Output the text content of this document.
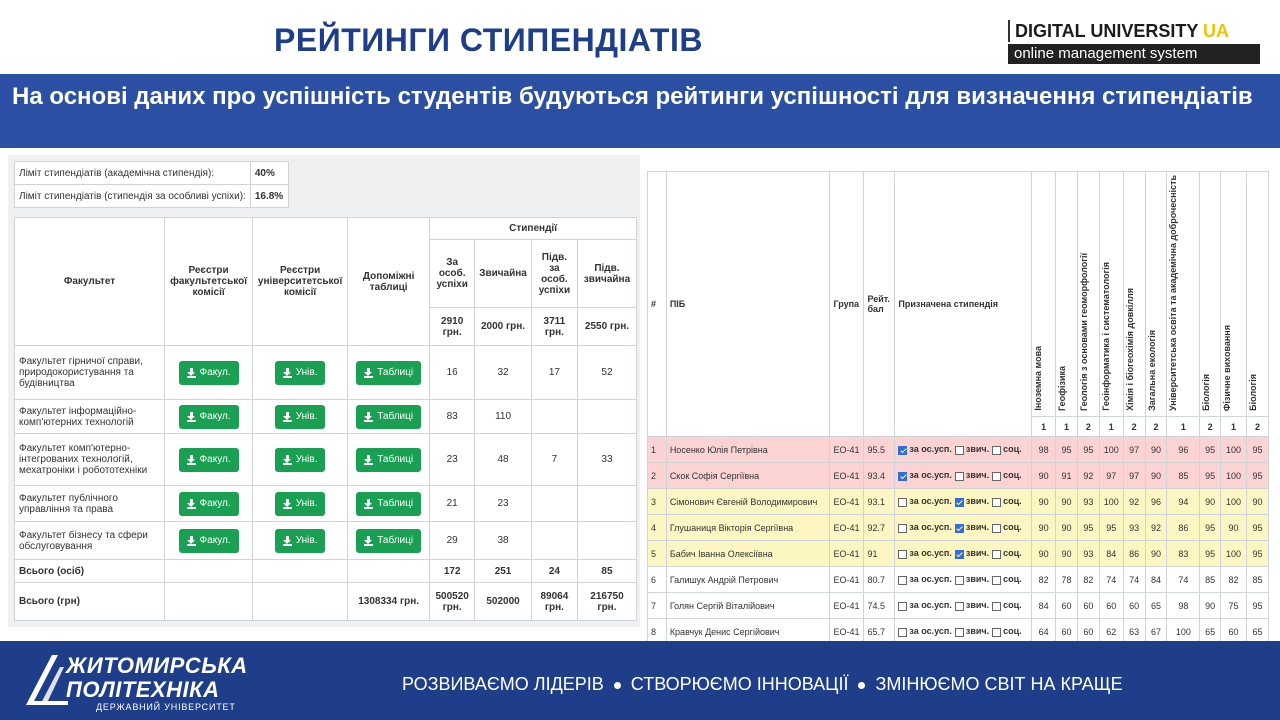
РЕЙТИНГИ СТИПЕНДІАТІВ	DIGITAL UNIVERSITY UA
online management system
На основі даних про успішність студентів будуються рейтинги успішності для визначення стипендіатів
Ліміт стипендіатів (академічна стипендія):	40%
Ліміт стипендіатів (стипендія за особливі успіхи):	16.8%
Факультет	Реєстри факультетської комісії	Реєстри університетської комісії	Допоміжні таблиці	Стипендії			
				За особ. успіхи	Звичайна	Підв. за особ. успіхи	Підв. звичайна
				2910 грн.	2000 грн.	3711 грн.	2550 грн.
Факультет гірничої справи, природокористування та будівництва	Факул.	Унів.	Таблиці	16	32	17	52
Факультет інформаційно-комп'ютерних технологій	Факул.	Унів.	Таблиці	83	110		
Факультет комп'ютерно-інтегрованих технологій, мехатроніки і робототехніки	Факул.	Унів.	Таблиці	23	48	7	33
Факультет публічного управління та права	Факул.	Унів.	Таблиці	21	23		
Факультет бізнесу та сфери обслуговування	Факул.	Унів.	Таблиці	29	38		
Всього (осіб)				172	251	24	85
Всього (грн)			1308334 грн.	500520 грн.	502000	89064 грн.	216750 грн.
#	ПІБ	Група	Рейт. бал	Призначена стипендія	Іноземна мова	Геофізика	Геологія з основами геоморфології	Геоінформатика і систематологія	Хімія і біогеохімія довкілля	Загальна екологія	Університетська освіта та академічна доброчесність	Біологія	Фізичне виховання	Біологія
					1	1	2	1	2	2	1	2	1	2
1	Носенко Юлія Петрівна	ЕО-41	95.5	за ос.усп. звич. соц.	98	95	95	100	97	90	96	95	100	95
2	Скок Софія Сергіївна	ЕО-41	93.4	за ос.усп. звич. соц.	90	91	92	97	97	90	85	95	100	95
3	Сімонович Євгеній Володимирович	ЕО-41	93.1	за ос.усп. звич. соц.	90	90	93	100	92	96	94	90	100	90
4	Глушаниця Вікторія Сергіївна	ЕО-41	92.7	за ос.усп. звич. соц.	90	90	95	95	93	92	86	95	90	95
5	Бабич Іванна Олексіївна	ЕО-41	91	за ос.усп. звич. соц.	90	90	93	84	86	90	83	95	100	95
6	Галишук Андрій Петрович	ЕО-41	80.7	за ос.усп. звич. соц.	82	78	82	74	74	84	74	85	82	85
7	Голян Сергій Віталійович	ЕО-41	74.5	за ос.усп. звич. соц.	84	60	60	60	60	65	98	90	75	95
8	Кравчук Денис Сергійович	ЕО-41	65.7	за ос.усп. звич. соц.	64	60	60	62	63	67	100	65	60	65
ЖИТОМИРСЬКА
ПОЛІТЕХНІКА
ДЕРЖАВНИЙ УНІВЕРСИТЕТ
РОЗВИВАЄМО ЛІДЕРІВ СТВОРЮЄМО ІННОВАЦІЇ ЗМІНЮЄМО СВІТ НА КРАЩЕ
